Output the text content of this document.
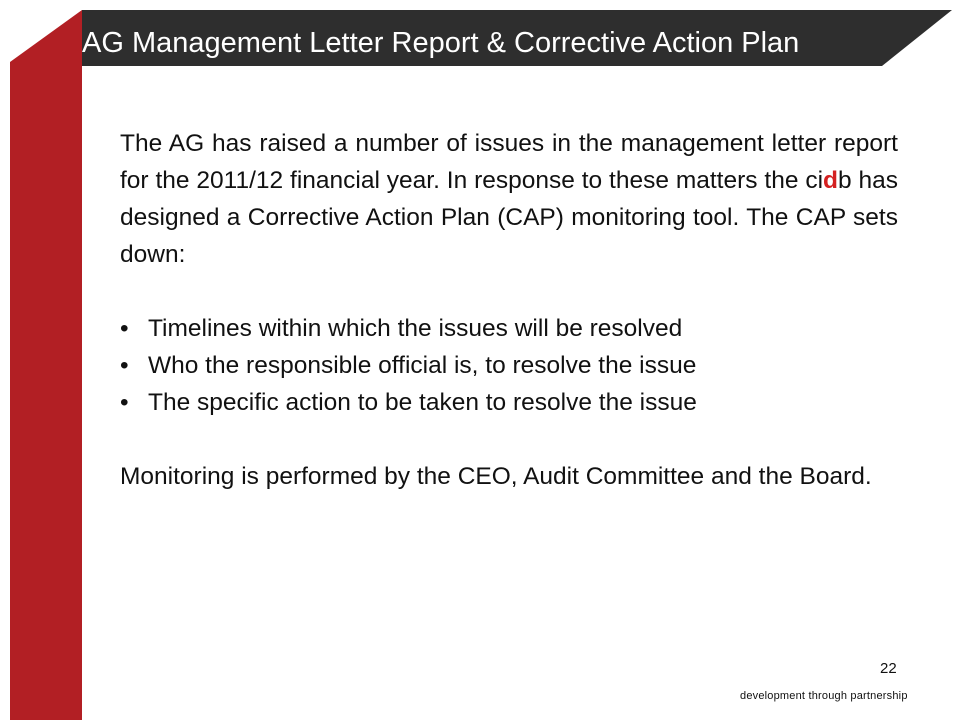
AG Management Letter Report & Corrective Action Plan

The AG has raised a number of issues in the management letter report for the 2011/12 financial year. In response to these matters the cidb has designed a Corrective Action Plan (CAP) monitoring tool. The CAP sets down:

• Timelines within which the issues will be resolved
• Who the responsible official is, to resolve the issue
• The specific action to be taken to resolve the issue

Monitoring is performed by the CEO, Audit Committee and the Board.

22
development through partnership
